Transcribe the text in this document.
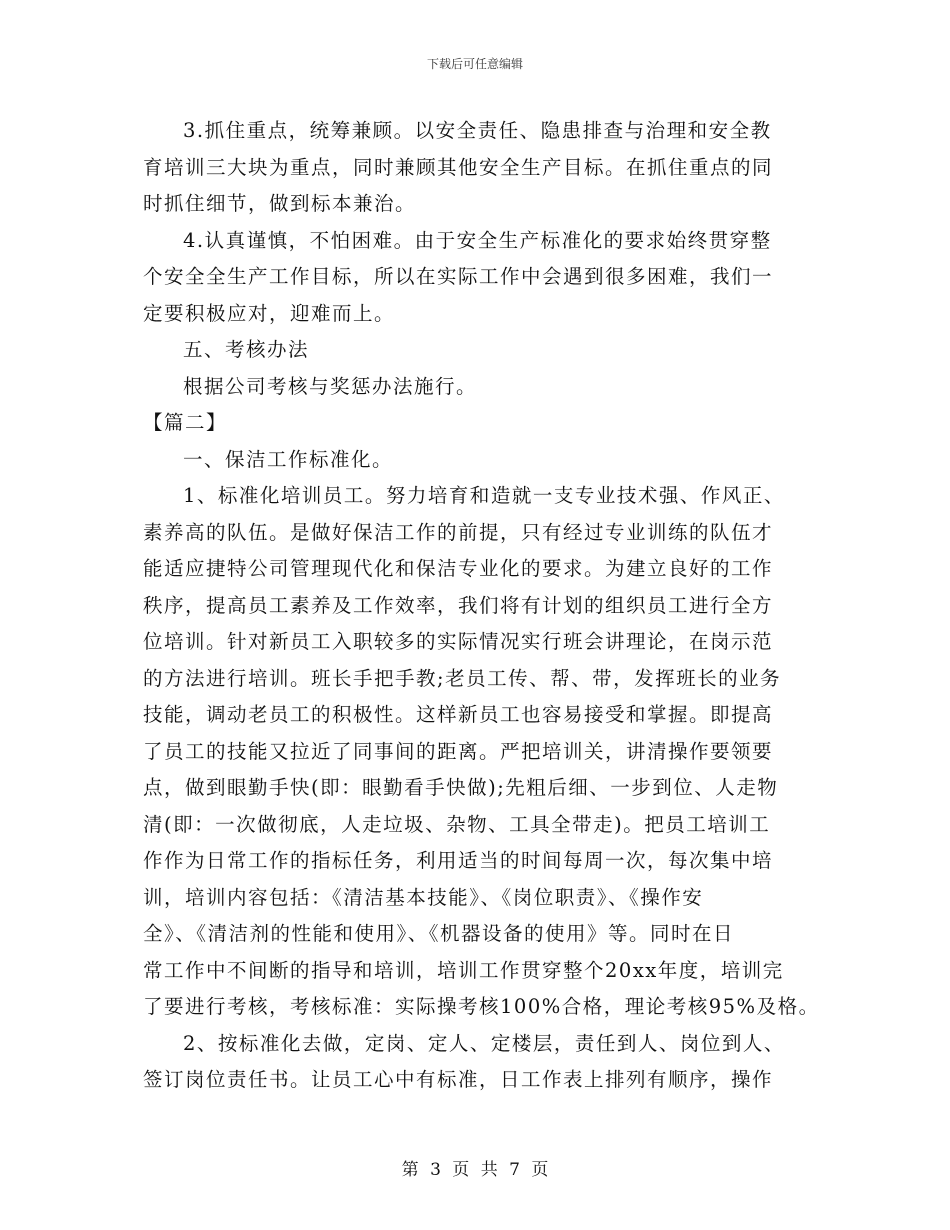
下载后可任意编辑
3.抓住重点，统筹兼顾。以安全责任、隐患排查与治理和安全教
育培训三大块为重点，同时兼顾其他安全生产目标。在抓住重点的同
时抓住细节，做到标本兼治。
4.认真谨慎，不怕困难。由于安全生产标准化的要求始终贯穿整
个安全全生产工作目标，所以在实际工作中会遇到很多困难，我们一
定要积极应对，迎难而上。
五、考核办法
根据公司考核与奖惩办法施行。
【篇二】
一、保洁工作标准化。
1、标准化培训员工。努力培育和造就一支专业技术强、作风正、
素养高的队伍。是做好保洁工作的前提，只有经过专业训练的队伍才
能适应捷特公司管理现代化和保洁专业化的要求。为建立良好的工作
秩序，提高员工素养及工作效率，我们将有计划的组织员工进行全方
位培训。针对新员工入职较多的实际情况实行班会讲理论，在岗示范
的方法进行培训。班长手把手教;老员工传、帮、带，发挥班长的业务
技能，调动老员工的积极性。这样新员工也容易接受和掌握。即提高
了员工的技能又拉近了同事间的距离。严把培训关，讲清操作要领要
点，做到眼勤手快(即：眼勤看手快做);先粗后细、一步到位、人走物
清(即：一次做彻底，人走垃圾、杂物、工具全带走)。把员工培训工
作作为日常工作的指标任务，利用适当的时间每周一次，每次集中培
训，培训内容包括：《清洁基本技能》、《岗位职责》、《操作安
全》、《清洁剂的性能和使用》、《机器设备的使用》等。同时在日
常工作中不间断的指导和培训，培训工作贯穿整个20xx年度，培训完
了要进行考核，考核标准：实际操考核100%合格，理论考核95%及格。
2、按标准化去做，定岗、定人、定楼层，责任到人、岗位到人、
签订岗位责任书。让员工心中有标准，日工作表上排列有顺序，操作
第 3 页 共 7 页
